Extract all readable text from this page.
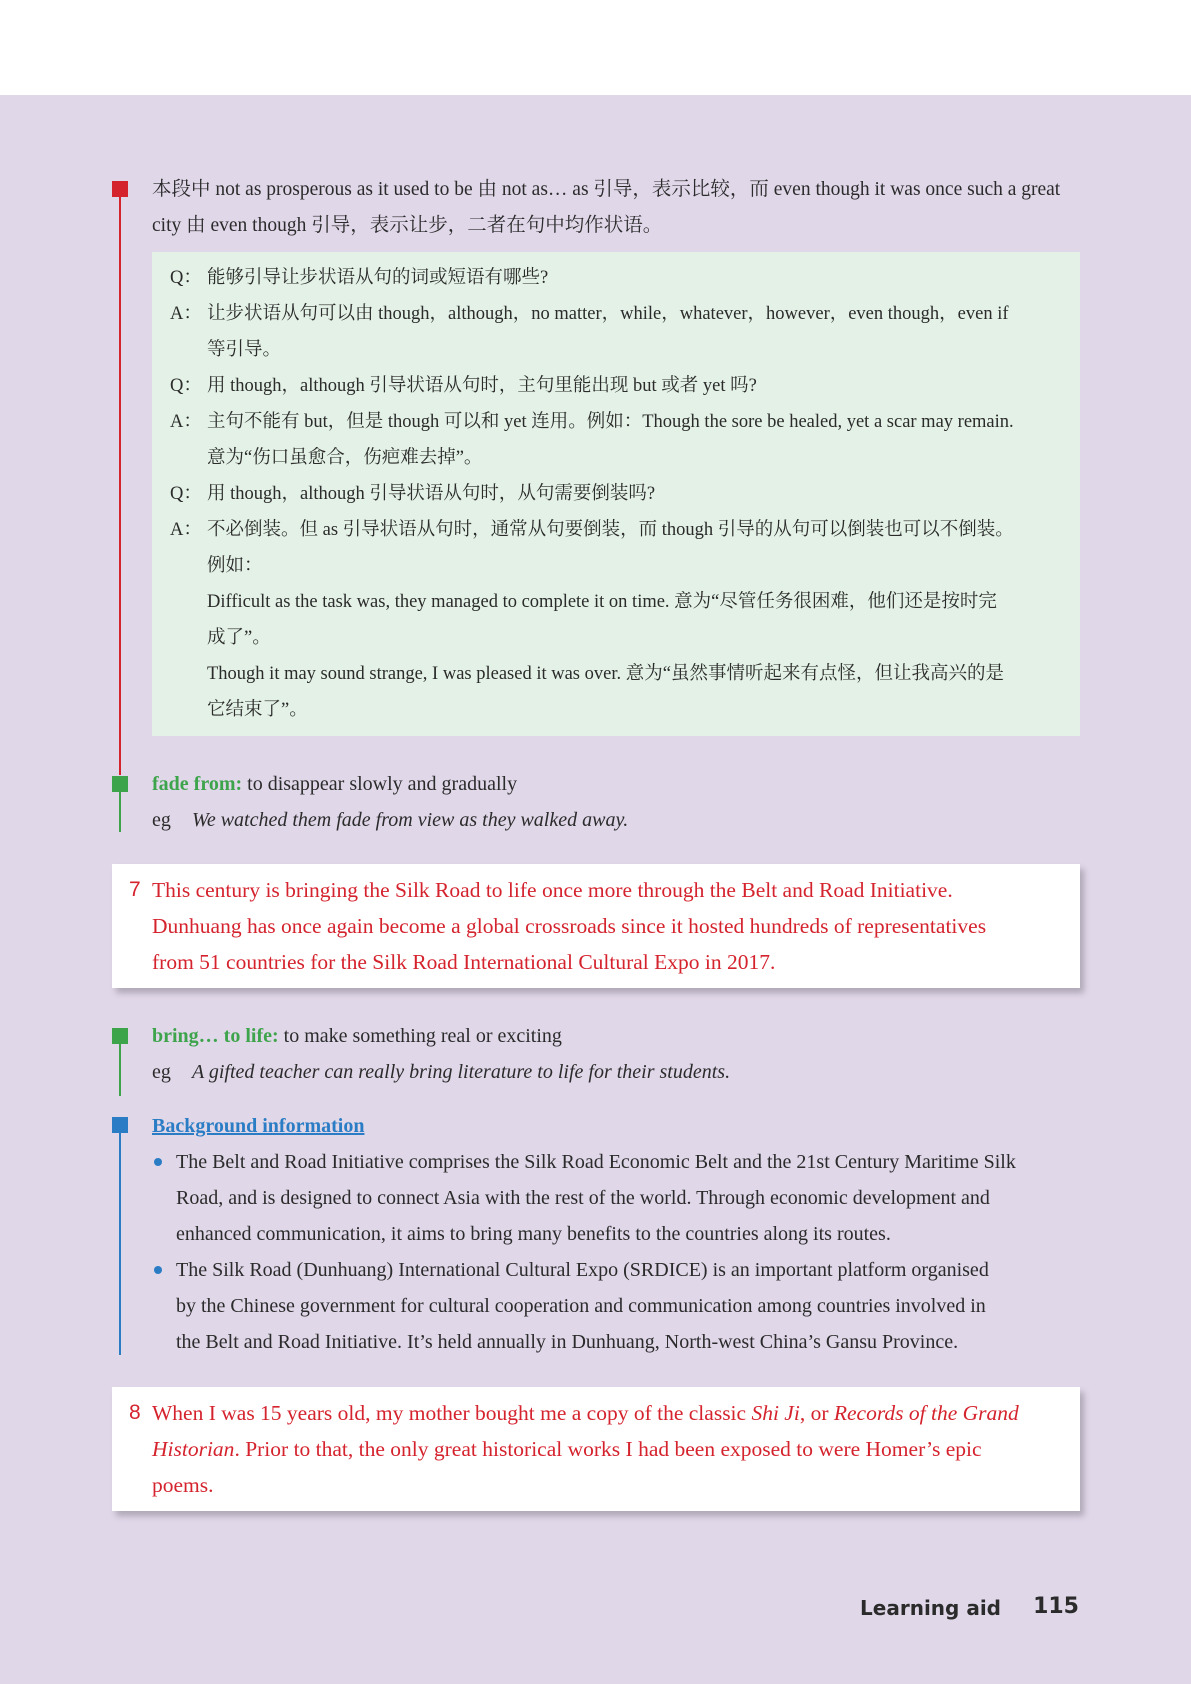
本段中 not as prosperous as it used to be 由 not as… as 引导，表示比较，而 even though it was once such a great
city 由 even though 引导，表示让步，二者在句中均作状语。
Q： 能够引导让步状语从句的词或短语有哪些?
A： 让步状语从句可以由 though，although，no matter，while，whatever，however，even though，even if
等引导。
Q： 用 though，although 引导状语从句时，主句里能出现 but 或者 yet 吗?
A： 主句不能有 but，但是 though 可以和 yet 连用。例如：Though the sore be healed, yet a scar may remain.
意为“伤口虽愈合，伤疤难去掉”。
Q： 用 though，although 引导状语从句时，从句需要倒装吗?
A： 不必倒装。但 as 引导状语从句时，通常从句要倒装，而 though 引导的从句可以倒装也可以不倒装。
例如：
Difficult as the task was, they managed to complete it on time. 意为“尽管任务很困难，他们还是按时完
成了”。
Though it may sound strange, I was pleased it was over. 意为“虽然事情听起来有点怪，但让我高兴的是
它结束了”。
fade from: to disappear slowly and gradually
eg We watched them fade from view as they walked away.
7 This century is bringing the Silk Road to life once more through the Belt and Road Initiative.
Dunhuang has once again become a global crossroads since it hosted hundreds of representatives
from 51 countries for the Silk Road International Cultural Expo in 2017.
bring… to life: to make something real or exciting
eg A gifted teacher can really bring literature to life for their students.
Background information
The Belt and Road Initiative comprises the Silk Road Economic Belt and the 21st Century Maritime Silk
Road, and is designed to connect Asia with the rest of the world. Through economic development and
enhanced communication, it aims to bring many benefits to the countries along its routes.
The Silk Road (Dunhuang) International Cultural Expo (SRDICE) is an important platform organised
by the Chinese government for cultural cooperation and communication among countries involved in
the Belt and Road Initiative. It’s held annually in Dunhuang, North-west China’s Gansu Province.
8 When I was 15 years old, my mother bought me a copy of the classic Shi Ji, or Records of the Grand
Historian. Prior to that, the only great historical works I had been exposed to were Homer’s epic
poems.
Learning aid 115
